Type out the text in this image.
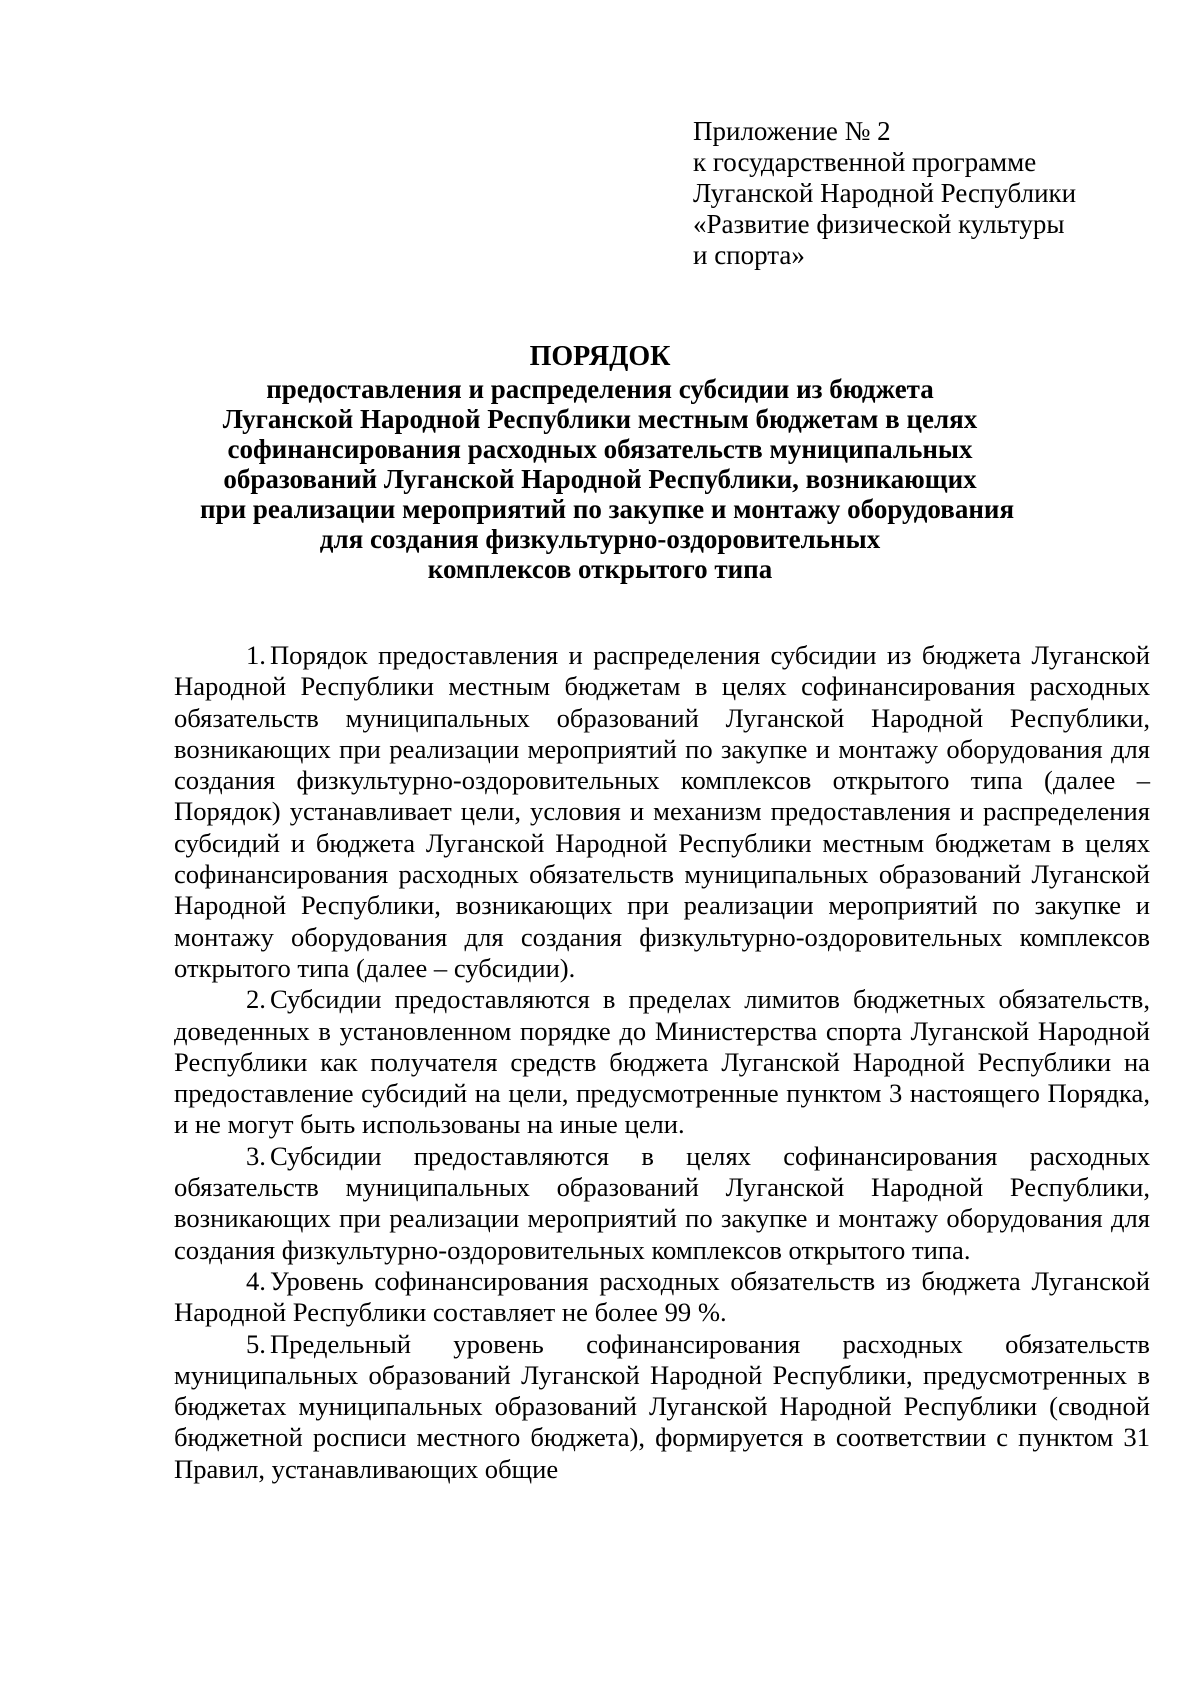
Приложение № 2
к государственной программе
Луганской Народной Республики
«Развитие физической культуры
и спорта»
ПОРЯДОК
предоставления и распределения субсидии из бюджета
Луганской Народной Республики местным бюджетам в целях
софинансирования расходных обязательств муниципальных
образований Луганской Народной Республики, возникающих
при реализации мероприятий по закупке и монтажу оборудования
для создания физкультурно-оздоровительных
комплексов открытого типа

1. Порядок предоставления и распределения субсидии из бюджета Луганской Народной Республики местным бюджетам в целях софинансирования расходных обязательств муниципальных образований Луганской Народной Республики, возникающих при реализации мероприятий по закупке и монтажу оборудования для создания физкультурно-оздоровительных комплексов открытого типа (далее – Порядок) устанавливает цели, условия и механизм предоставления и распределения субсидий и бюджета Луганской Народной Республики местным бюджетам в целях софинансирования расходных обязательств муниципальных образований Луганской Народной Республики, возникающих при реализации мероприятий по закупке и монтажу оборудования для создания физкультурно-оздоровительных комплексов открытого типа (далее – субсидии).

2. Субсидии предоставляются в пределах лимитов бюджетных обязательств, доведенных в установленном порядке до Министерства спорта Луганской Народной Республики как получателя средств бюджета Луганской Народной Республики на предоставление субсидий на цели, предусмотренные пунктом 3 настоящего Порядка, и не могут быть использованы на иные цели.

3. Субсидии предоставляются в целях софинансирования расходных обязательств муниципальных образований Луганской Народной Республики, возникающих при реализации мероприятий по закупке и монтажу оборудования для создания физкультурно-оздоровительных комплексов открытого типа.

4. Уровень софинансирования расходных обязательств из бюджета Луганской Народной Республики составляет не более 99 %.

5. Предельный уровень софинансирования расходных обязательств муниципальных образований Луганской Народной Республики, предусмотренных в бюджетах муниципальных образований Луганской Народной Республики (сводной бюджетной росписи местного бюджета), формируется в соответствии с пунктом 31 Правил, устанавливающих общие
